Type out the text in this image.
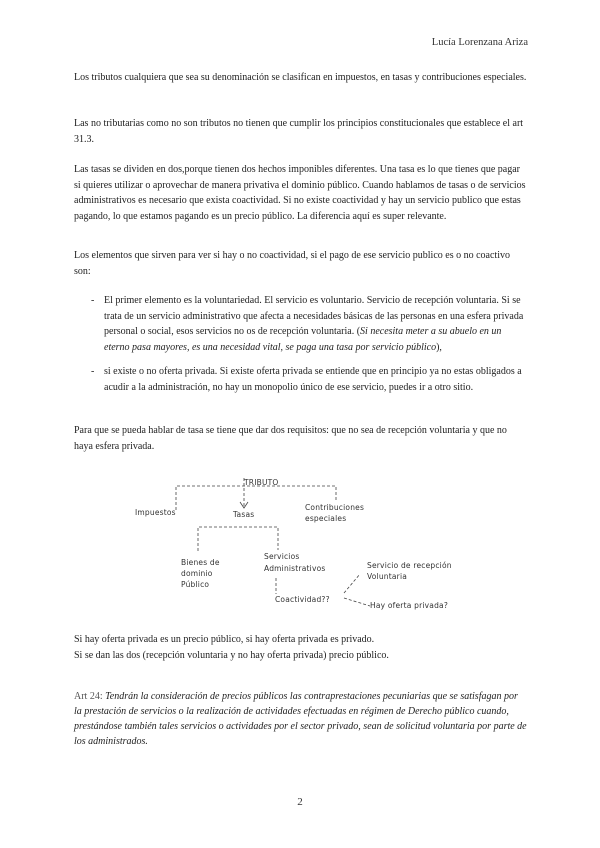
Lucía Lorenzana Ariza
Los tributos cualquiera que sea su denominación se clasifican en impuestos, en tasas y contribuciones especiales.
Las no tributarias como no son tributos no tienen que cumplir los principios constitucionales que establece el art 31.3.
Las tasas se dividen en dos,porque tienen dos hechos imponibles diferentes. Una tasa es lo que tienes que pagar si quieres utilizar o aprovechar de manera privativa el dominio público. Cuando hablamos de tasas o de servicios administrativos es necesario que exista coactividad. Si no existe coactividad y hay un servicio publico que estas pagando, lo que estamos pagando es un precio público. La diferencia aquí es super relevante.
Los elementos que sirven para ver si hay o no coactividad, si el pago de ese servicio publico es o no coactivo son:
- El primer elemento es la voluntariedad. El servicio es voluntario. Servicio de recepción voluntaria. Si se trata de un servicio administrativo que afecta a necesidades básicas de las personas en una esfera privada personal o social, esos servicios no os de recepción voluntaria. (Si necesita meter a su abuelo en un eterno pasa mayores, es una necesidad vital, se paga una tasa por servicio público),
- si existe o no oferta privada. Si existe oferta privada se entiende que en principio ya no estas obligados a acudir a la administración, no hay un monopolio único de ese servicio, puedes ir a otro sitio.
Para que se pueda hablar de tasa se tiene que dar dos requisitos: que no sea de recepción voluntaria y que no haya esfera privada.
TRIBUTO
Impuestos	Tasas
Contribuciones
especiales
Bienes de
dominio
Público
Servicios
Administrativos
Coactividad??
Servicio de recepción
Voluntaria
Hay oferta privada?
Si hay oferta privada es un precio público, si hay oferta privada es privado.
Si se dan las dos (recepción voluntaria y no hay oferta privada) precio público.
Art 24: Tendrán la consideración de precios públicos las contraprestaciones pecuniarias que se satisfagan por la prestación de servicios o la realización de actividades efectuadas en régimen de Derecho público cuando, prestándose también tales servicios o actividades por el sector privado, sean de solicitud voluntaria por parte de los administrados.
2
